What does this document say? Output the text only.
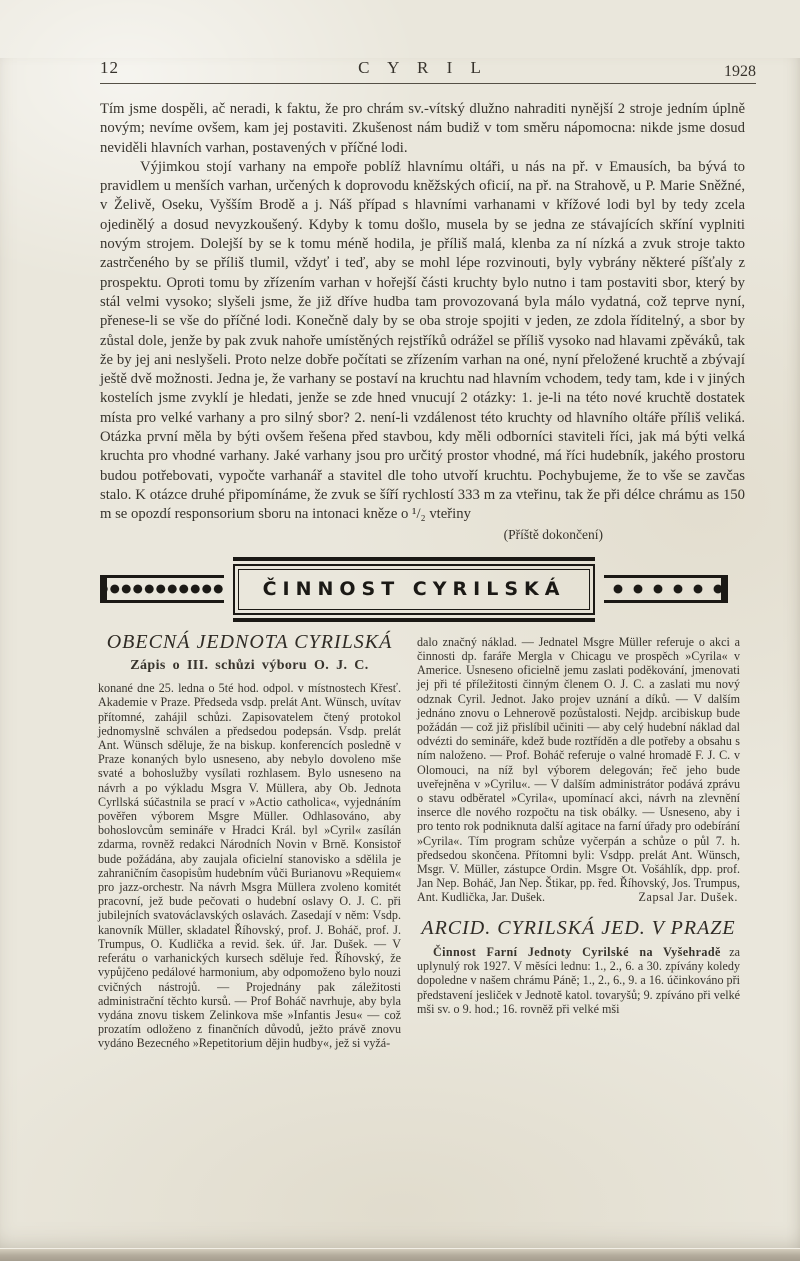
12	C Y R I L	1928

Tím jsme dospěli, ač neradi, k faktu, že pro chrám sv.-vítský dlužno nahraditi nynější 2 stroje jedním úplně novým; nevíme ovšem, kam jej postaviti. Zkušenost nám budiž v tom směru nápomocna: nikde jsme dosud neviděli hlavních varhan, postavených v příčné lodi.

Výjimkou stojí varhany na empoře poblíž hlavnímu oltáři, u nás na př. v Emausích, ba bývá to pravidlem u menších varhan, určených k doprovodu kněžských oficií, na př. na Strahově, u P. Marie Sněžné, v Želivě, Oseku, Vyšším Brodě a j. Náš případ s hlavními varhanami v křížové lodi byl by tedy zcela ojedinělý a dosud nevyzkoušený. Kdyby k tomu došlo, musela by se jedna ze stávajících skříní vyplniti novým strojem. Dolejší by se k tomu méně hodila, je příliš malá, klenba za ní nízká a zvuk stroje takto zastrčeného by se příliš tlumil, vždyť i teď, aby se mohl lépe rozvinouti, byly vybrány některé píšťaly z prospektu. Oproti tomu by zřízením varhan v hořejší části kruchty bylo nutno i tam postaviti sbor, který by stál velmi vysoko; slyšeli jsme, že již dříve hudba tam provozovaná byla málo vydatná, což teprve nyní, přenese-li se vše do příčné lodi. Konečně daly by se oba stroje spojiti v jeden, ze zdola říditelný, a sbor by zůstal dole, jenže by pak zvuk nahoře umístěných rejstříků odrážel se příliš vysoko nad hlavami zpěváků, tak že by jej ani neslyšeli. Proto nelze dobře počítati se zřízením varhan na oné, nyní přeložené kruchtě a zbývají ještě dvě možnosti. Jedna je, že varhany se postaví na kruchtu nad hlavním vchodem, tedy tam, kde i v jiných kostelích jsme zvyklí je hledati, jenže se zde hned vnucují 2 otázky: 1. je-li na této nové kruchtě dostatek místa pro velké varhany a pro silný sbor? 2. není-li vzdálenost této kruchty od hlavního oltáře příliš veliká. Otázka první měla by býti ovšem řešena před stavbou, kdy měli odborníci staviteli říci, jak má býti velká kruchta pro vhodné varhany. Jaké varhany jsou pro určitý prostor vhodné, má říci hudebník, jakého prostoru budou potřebovati, vypočte varhanář a stavitel dle toho utvoří kruchtu. Pochybujeme, že to vše se zavčas stalo. K otázce druhé připomínáme, že zvuk se šíří rychlostí 333 m za vteřinu, tak že při délce chrámu as 150 m se opozdí responsorium sboru na intonaci kněze o ¹/₂ vteřiny

(Příště dokončení)

ČINNOST CYRILSKÁ
OBECNÁ JEDNOTA CYRILSKÁ
Zápis o III. schůzi výboru O. J. C.

konané dne 25. ledna o 5té hod. odpol. v místnostech Křesť. Akademie v Praze. Předseda vsdp. prelát Ant. Wünsch, uvítav přítomné, zahájil schůzi. Zapisovatelem čtený protokol jednomyslně schválen a předsedou podepsán. Vsdp. prelát Ant. Wünsch sděluje, že na biskup. konferencích posledně v Praze konaných bylo usneseno, aby nebylo dovoleno mše svaté a bohoslužby vysílati rozhlasem. Bylo usneseno na návrh a po výkladu Msgra V. Müllera, aby Ob. Jednota Cyrllská súčastnila se prací v »Actio catholica«, vyjednáním pověřen výborem Msgre Müller. Odhlasováno, aby bohoslovcům semináře v Hradci Král. byl »Cyril« zasílán zdarma, rovněž redakci Národních Novin v Brně. Konsistoř bude požádána, aby zaujala oficielní stanovisko a sdělila je zahraničním časopisům hudebním vůči Burianovu »Requiem« pro jazz-orchestr. Na návrh Msgra Müllera zvoleno komitét pracovní, jež bude pečovati o hudební oslavy O. J. C. při jubilejních svatováclavských oslavách. Zasedají v něm: Vsdp. kanovník Müller, skladatel Říhovský, prof. J. Boháč, prof. J. Trumpus, O. Kudlička a revid. šek. úř. Jar. Dušek. — V referátu o varhanických kursech sděluje řed. Říhovský, že vypůjčeno pedálové harmonium, aby odpomoženo bylo nouzi cvičných nástrojů. — Projednány pak záležitosti administrační těchto kursů. — Prof Boháč navrhuje, aby byla vydána znovu tiskem Zelinkova mše »Infantis Jesu« — což prozatím odloženo z finančních důvodů, ježto právě znovu vydáno Bezecného »Repetitorium dějin hudby«, jež si vyžá-

dalo značný náklad. — Jednatel Msgre Müller referuje o akci a činnosti dp. faráře Mergla v Chicagu ve prospěch »Cyrila« v Americe. Usneseno oficielně jemu zaslati poděkování, jmenovati jej při té příležitosti činným členem O. J. C. a zaslati mu nový odznak Cyril. Jednot. Jako projev uznání a díků. — V dalším jednáno znovu o Lehnerově pozůstalosti. Nejdp. arcibiskup bude požádán — což již přislíbil učiniti — aby celý hudební náklad dal odvézti do semináře, kdež bude roztříděn a dle potřeby a obsahu s ním naloženo. — Prof. Boháč referuje o valné hromadě F. J. C. v Olomouci, na níž byl výborem delegován; řeč jeho bude uveřejněna v »Cyrilu«. — V dalším administrátor podává zprávu o stavu odběratel »Cyrila«, upomínací akci, návrh na zlevnění inserce dle nového rozpočtu na tisk obálky. — Usneseno, aby i pro tento rok podniknuta další agitace na farní úřady pro odebírání »Cyrila«. Tím program schůze vyčerpán a schůze o půl 7. h. předsedou skončena. Přítomni byli: Vsdpp. prelát Ant. Wünsch, Msgr. V. Müller, zástupce Ordin. Msgre Ot. Vošáhlík, dpp. prof. Jan Nep. Boháč, Jan Nep. Štikar, pp. řed. Říhovský, Jos. Trumpus, Ant. Kudlička, Jar. Dušek.	Zapsal Jar. Dušek.

ARCID. CYRILSKÁ JED. V PRAZE

Činnost Farní Jednoty Cyrilské na Vyšehradě za uplynulý rok 1927. V měsíci lednu: 1., 2., 6. a 30. zpívány koledy dopoledne v našem chrámu Páně; 1., 2., 6., 9. a 16. účinkováno při představení jesliček v Jednotě katol. tovaryšů; 9. zpíváno při velké mši sv. o 9. hod.; 16. rovněž při velké mši
